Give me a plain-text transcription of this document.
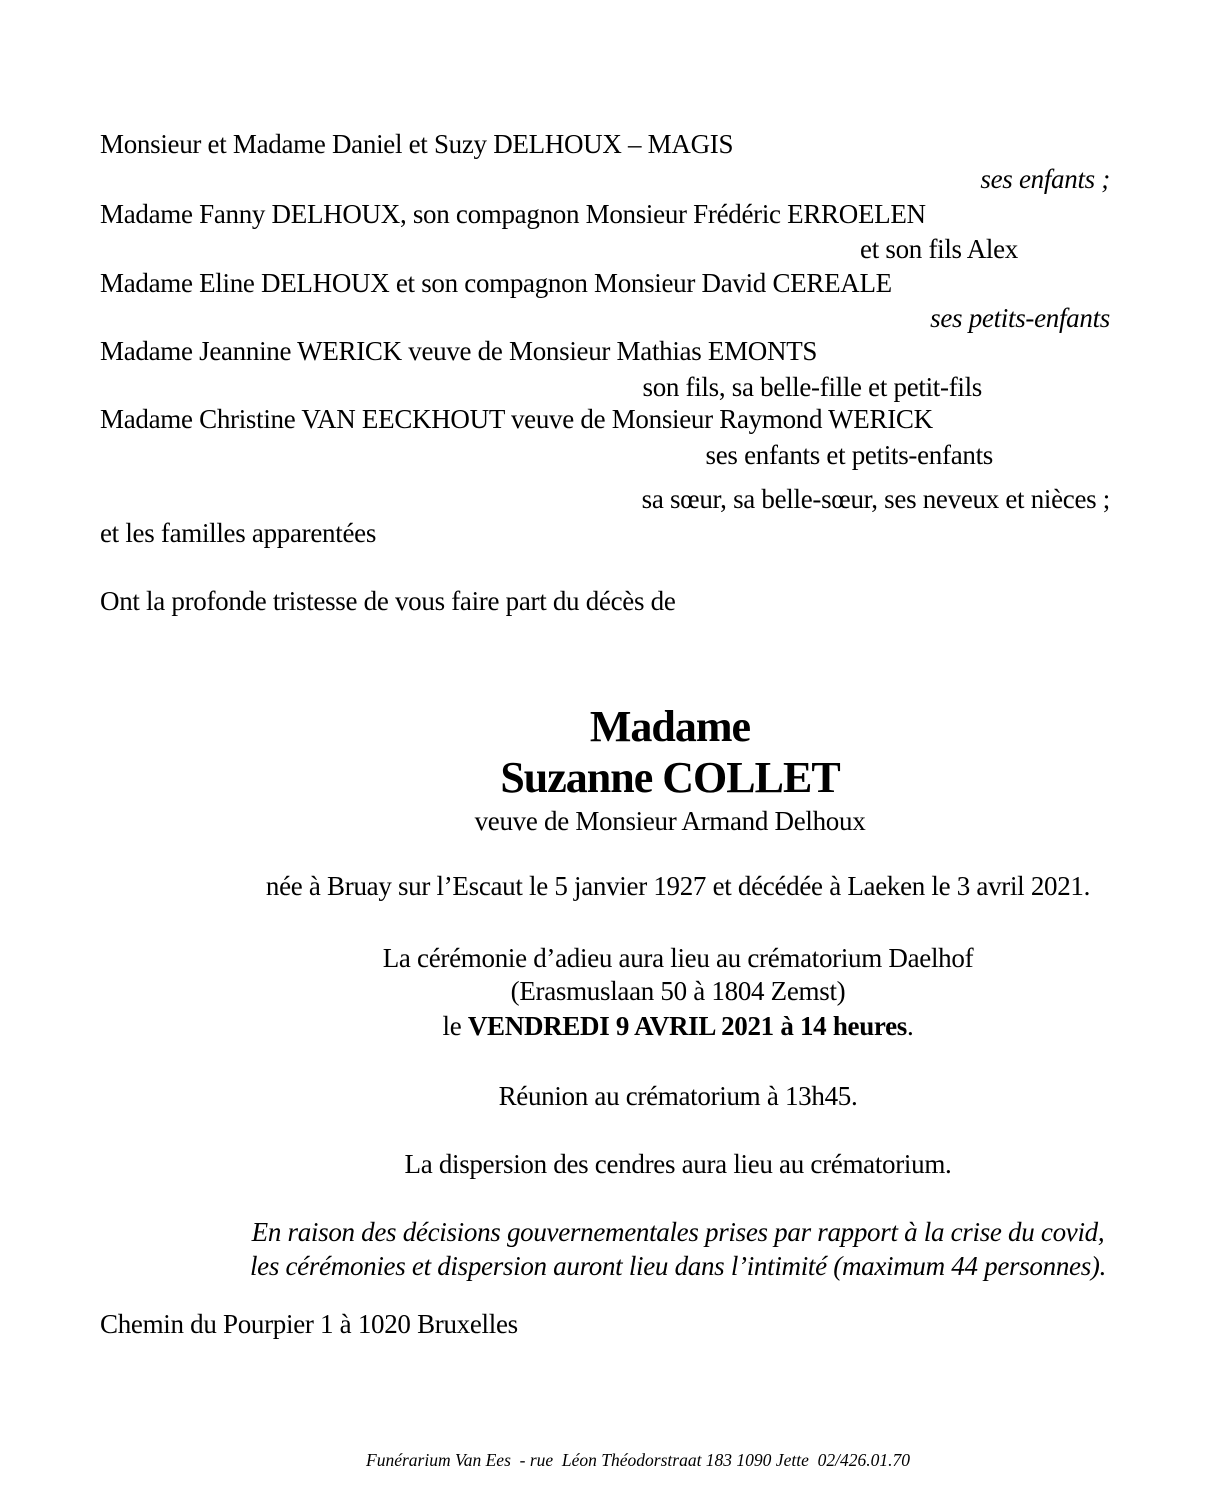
Monsieur et Madame Daniel et Suzy DELHOUX – MAGIS
ses enfants ;
Madame Fanny DELHOUX, son compagnon Monsieur Frédéric ERROELEN
et son fils Alex
Madame Eline DELHOUX et son compagnon Monsieur David CEREALE
ses petits-enfants
Madame Jeannine WERICK veuve de Monsieur Mathias EMONTS
son fils, sa belle-fille et petit-fils
Madame Christine VAN EECKHOUT veuve de Monsieur Raymond WERICK
ses enfants et petits-enfants
sa sœur, sa belle-sœur, ses neveux et nièces ;
et les familles apparentées
Ont la profonde tristesse de vous faire part du décès de
Madame
Suzanne COLLET
veuve de Monsieur Armand Delhoux
née à Bruay sur l’Escaut le 5 janvier 1927 et décédée à Laeken le 3 avril 2021.
La cérémonie d’adieu aura lieu au crématorium Daelhof
(Erasmuslaan 50 à 1804 Zemst)
le VENDREDI 9 AVRIL 2021 à 14 heures.
Réunion au crématorium à 13h45.
La dispersion des cendres aura lieu au crématorium.
En raison des décisions gouvernementales prises par rapport à la crise du covid,
les cérémonies et dispersion auront lieu dans l’intimité (maximum 44 personnes).
Chemin du Pourpier 1 à 1020 Bruxelles
Funérarium Van Ees  - rue  Léon Théodorstraat 183 1090 Jette  02/426.01.70
